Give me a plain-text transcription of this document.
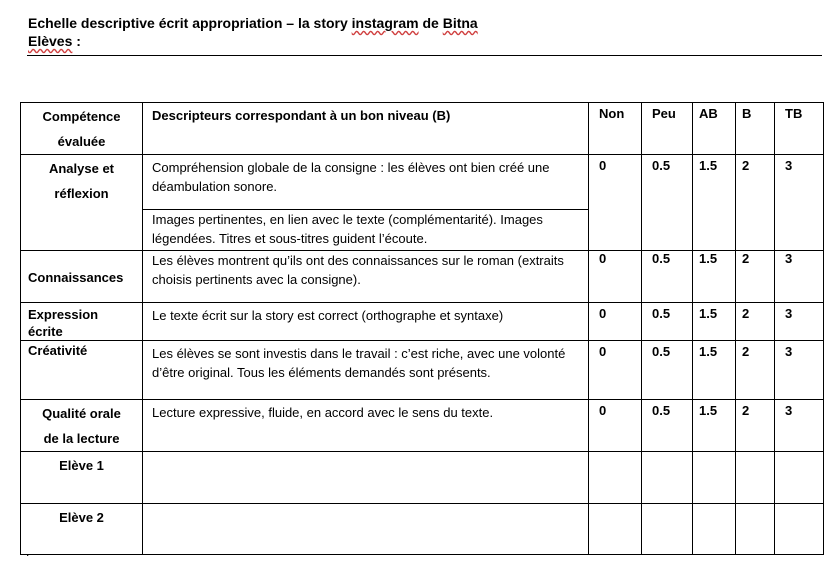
Echelle descriptive écrit appropriation – la story instagram de Bitna
Elèves :
Compétence
évaluée	Descripteurs correspondant à un bon niveau (B)	Non	Peu	AB	B	TB

Analyse et
réflexion	Compréhension globale de la consigne : les élèves ont bien créé une déambulation sonore.	0	0.5	1.5	2	3
	Images pertinentes, en lien avec le texte (complémentarité). Images légendées. Titres et sous-titres guident l’écoute.					
Connaissances	Les élèves montrent qu’ils ont des connaissances sur le roman (extraits choisis pertinents avec la consigne).	0	0.5	1.5	2	3

Expression
écrite	Le texte écrit sur la story est correct (orthographe et syntaxe)	0	0.5	1.5	2	3
Créativité	Les élèves se sont investis dans le travail : c’est riche, avec une volonté d’être original. Tous les éléments demandés sont présents.	0	0.5	1.5	2	3

Qualité orale
de la lecture	Lecture expressive, fluide, en accord avec le sens du texte.	0	0.5	1.5	2	3
Elève 1						
Elève 2						
.
